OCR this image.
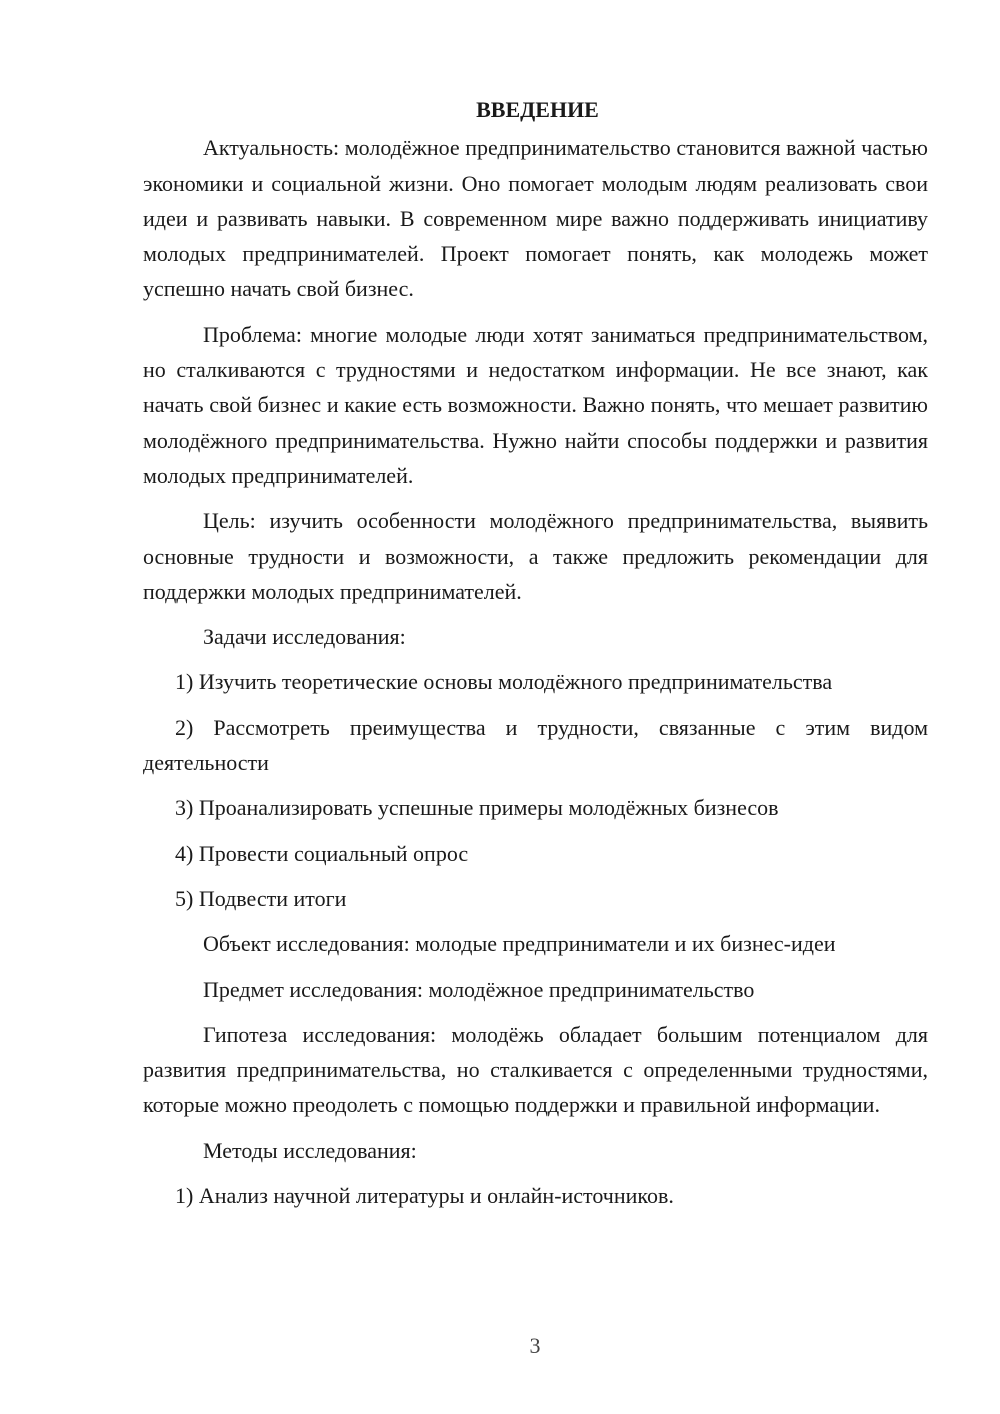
ВВЕДЕНИЕ

Актуальность: молодёжное предпринимательство становится важной частью экономики и социальной жизни. Оно помогает молодым людям реализовать свои идеи и развивать навыки. В современном мире важно поддерживать инициативу молодых предпринимателей. Проект помогает понять, как молодежь может успешно начать свой бизнес.

Проблема: многие молодые люди хотят заниматься предпринимательством, но сталкиваются с трудностями и недостатком информации. Не все знают, как начать свой бизнес и какие есть возможности. Важно понять, что мешает развитию молодёжного предпринимательства. Нужно найти способы поддержки и развития молодых предпринимателей.

Цель: изучить особенности молодёжного предпринимательства, выявить основные трудности и возможности, а также предложить рекомендации для поддержки молодых предпринимателей.

Задачи исследования:

1) Изучить теоретические основы молодёжного предпринимательства

2) Рассмотреть преимущества и трудности, связанные с этим видом деятельности

3) Проанализировать успешные примеры молодёжных бизнесов

4) Провести социальный опрос

5) Подвести итоги

Объект исследования: молодые предприниматели и их бизнес-идеи

Предмет исследования: молодёжное предпринимательство

Гипотеза исследования: молодёжь обладает большим потенциалом для развития предпринимательства, но сталкивается с определенными трудностями, которые можно преодолеть с помощью поддержки и правильной информации.

Методы исследования:

1) Анализ научной литературы и онлайн-источников.

3
